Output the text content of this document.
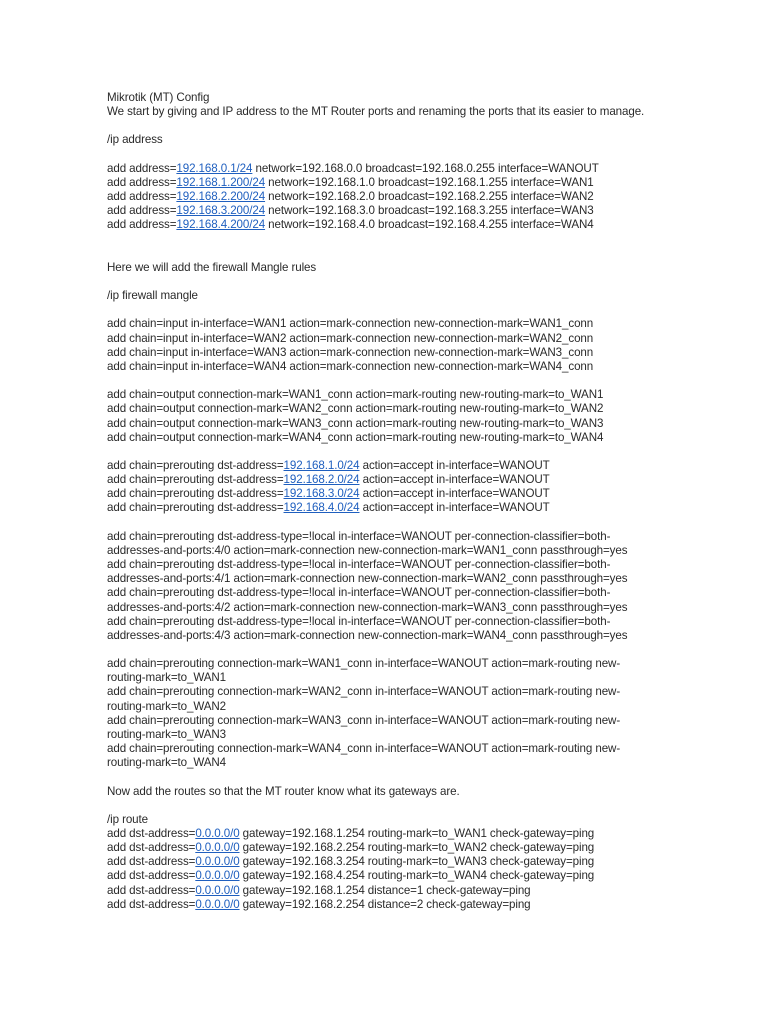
Mikrotik (MT) Config
We start by giving and IP address to the MT Router ports and renaming the ports that its easier to manage.
/ip address
add address=192.168.0.1/24 network=192.168.0.0 broadcast=192.168.0.255 interface=WANOUT
add address=192.168.1.200/24 network=192.168.1.0 broadcast=192.168.1.255 interface=WAN1
add address=192.168.2.200/24 network=192.168.2.0 broadcast=192.168.2.255 interface=WAN2
add address=192.168.3.200/24 network=192.168.3.0 broadcast=192.168.3.255 interface=WAN3
add address=192.168.4.200/24 network=192.168.4.0 broadcast=192.168.4.255 interface=WAN4
Here we will add the firewall Mangle rules
/ip firewall mangle
add chain=input in-interface=WAN1 action=mark-connection new-connection-mark=WAN1_conn
add chain=input in-interface=WAN2 action=mark-connection new-connection-mark=WAN2_conn
add chain=input in-interface=WAN3 action=mark-connection new-connection-mark=WAN3_conn
add chain=input in-interface=WAN4 action=mark-connection new-connection-mark=WAN4_conn
add chain=output connection-mark=WAN1_conn action=mark-routing new-routing-mark=to_WAN1
add chain=output connection-mark=WAN2_conn action=mark-routing new-routing-mark=to_WAN2
add chain=output connection-mark=WAN3_conn action=mark-routing new-routing-mark=to_WAN3
add chain=output connection-mark=WAN4_conn action=mark-routing new-routing-mark=to_WAN4
add chain=prerouting dst-address=192.168.1.0/24 action=accept in-interface=WANOUT
add chain=prerouting dst-address=192.168.2.0/24 action=accept in-interface=WANOUT
add chain=prerouting dst-address=192.168.3.0/24 action=accept in-interface=WANOUT
add chain=prerouting dst-address=192.168.4.0/24 action=accept in-interface=WANOUT
add chain=prerouting dst-address-type=!local in-interface=WANOUT per-connection-classifier=both-
addresses-and-ports:4/0 action=mark-connection new-connection-mark=WAN1_conn passthrough=yes
add chain=prerouting dst-address-type=!local in-interface=WANOUT per-connection-classifier=both-
addresses-and-ports:4/1 action=mark-connection new-connection-mark=WAN2_conn passthrough=yes
add chain=prerouting dst-address-type=!local in-interface=WANOUT per-connection-classifier=both-
addresses-and-ports:4/2 action=mark-connection new-connection-mark=WAN3_conn passthrough=yes
add chain=prerouting dst-address-type=!local in-interface=WANOUT per-connection-classifier=both-
addresses-and-ports:4/3 action=mark-connection new-connection-mark=WAN4_conn passthrough=yes
add chain=prerouting connection-mark=WAN1_conn in-interface=WANOUT action=mark-routing new-
routing-mark=to_WAN1
add chain=prerouting connection-mark=WAN2_conn in-interface=WANOUT action=mark-routing new-
routing-mark=to_WAN2
add chain=prerouting connection-mark=WAN3_conn in-interface=WANOUT action=mark-routing new-
routing-mark=to_WAN3
add chain=prerouting connection-mark=WAN4_conn in-interface=WANOUT action=mark-routing new-
routing-mark=to_WAN4
Now add the routes so that the MT router know what its gateways are.
/ip route
add dst-address=0.0.0.0/0 gateway=192.168.1.254 routing-mark=to_WAN1 check-gateway=ping
add dst-address=0.0.0.0/0 gateway=192.168.2.254 routing-mark=to_WAN2 check-gateway=ping
add dst-address=0.0.0.0/0 gateway=192.168.3.254 routing-mark=to_WAN3 check-gateway=ping
add dst-address=0.0.0.0/0 gateway=192.168.4.254 routing-mark=to_WAN4 check-gateway=ping
add dst-address=0.0.0.0/0 gateway=192.168.1.254 distance=1 check-gateway=ping
add dst-address=0.0.0.0/0 gateway=192.168.2.254 distance=2 check-gateway=ping
